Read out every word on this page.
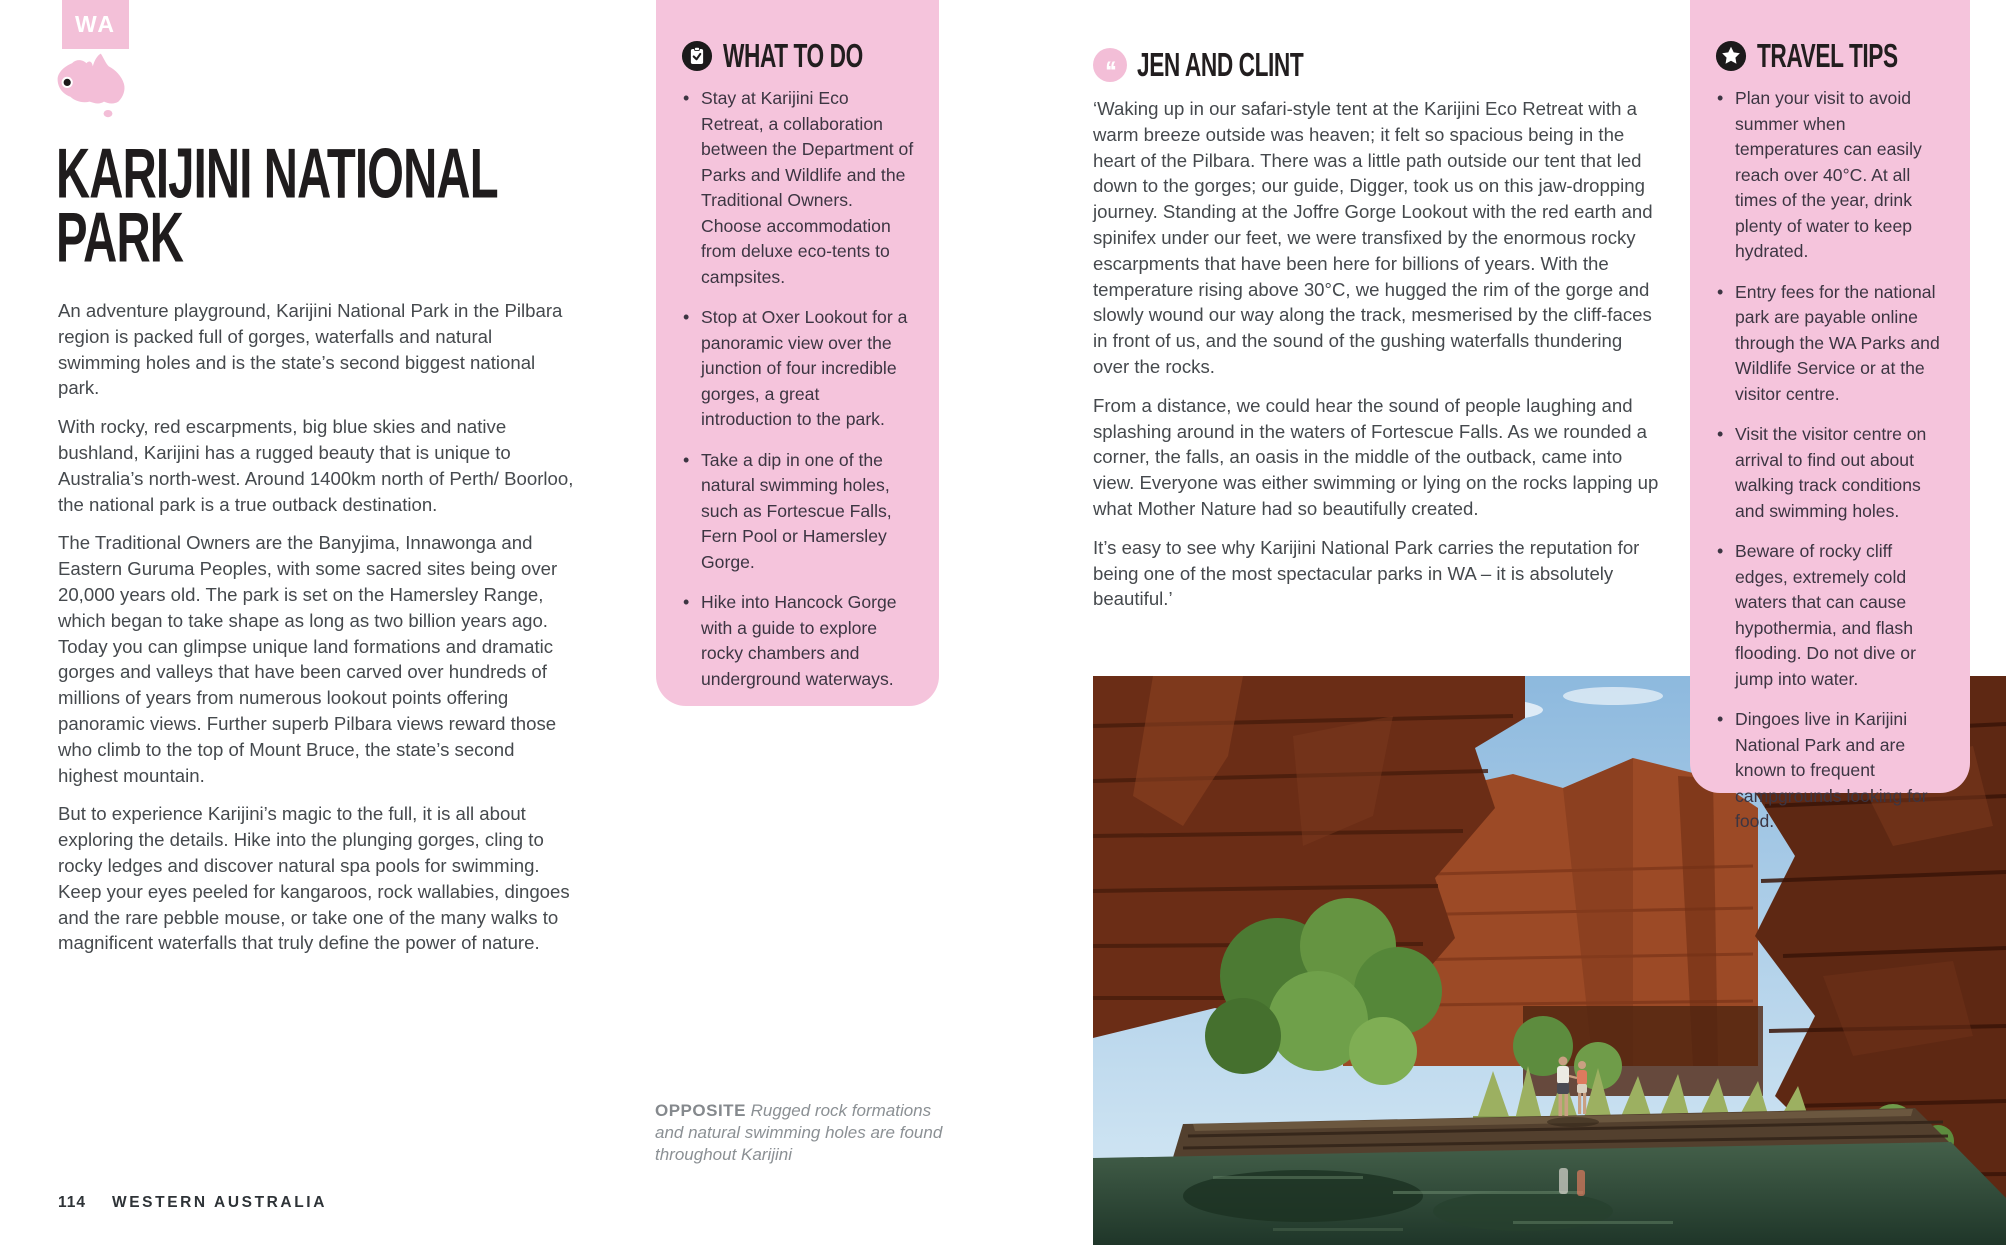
WA
KARIJINI NATIONAL
PARK

An adventure playground, Karijini National Park in the Pilbara region is packed full of gorges, waterfalls and natural swimming holes and is the state’s second biggest national park.

With rocky, red escarpments, big blue skies and native bushland, Karijini has a rugged beauty that is unique to Australia’s north-west. Around 1400km north of Perth/ Boorloo, the national park is a true outback destination.

The Traditional Owners are the Banyjima, Innawonga and Eastern Guruma Peoples, with some sacred sites being over 20,000 years old. The park is set on the Hamersley Range, which began to take shape as long as two billion years ago. Today you can glimpse unique land formations and dramatic gorges and valleys that have been carved over hundreds of millions of years from numerous lookout points offering panoramic views. Further superb Pilbara views reward those who climb to the top of Mount Bruce, the state’s second highest mountain.

But to experience Karijini’s magic to the full, it is all about exploring the details. Hike into the plunging gorges, cling to rocky ledges and discover natural spa pools for swimming. Keep your eyes peeled for kangaroos, rock wallabies, dingoes and the rare pebble mouse, or take one of the many walks to magnificent waterfalls that truly define the power of nature.

WHAT TO DO
• Stay at Karijini Eco Retreat, a collaboration between the Department of Parks and Wildlife and the Traditional Owners. Choose accommodation from deluxe eco-tents to campsites.
• Stop at Oxer Lookout for a panoramic view over the junction of four incredible gorges, a great introduction to the park.
• Take a dip in one of the natural swimming holes, such as Fortescue Falls, Fern Pool or Hamersley Gorge.
• Hike into Hancock Gorge with a guide to explore rocky chambers and underground waterways.
‘‘ JEN AND CLINT

‘Waking up in our safari-style tent at the Karijini Eco Retreat with a warm breeze outside was heaven; it felt so spacious being in the heart of the Pilbara. There was a little path outside our tent that led down to the gorges; our guide, Digger, took us on this jaw-dropping journey. Standing at the Joffre Gorge Lookout with the red earth and spinifex under our feet, we were transfixed by the enormous rocky escarpments that have been here for billions of years. With the temperature rising above 30°C, we hugged the rim of the gorge and slowly wound our way along the track, mesmerised by the cliff-faces in front of us, and the sound of the gushing waterfalls thundering over the rocks.

From a distance, we could hear the sound of people laughing and splashing around in the waters of Fortescue Falls. As we rounded a corner, the falls, an oasis in the middle of the outback, came into view. Everyone was either swimming or lying on the rocks lapping up what Mother Nature had so beautifully created.

It’s easy to see why Karijini National Park carries the reputation for being one of the most spectacular parks in WA – it is absolutely beautiful.’

TRAVEL TIPS
• Plan your visit to avoid summer when temperatures can easily reach over 40°C. At all times of the year, drink plenty of water to keep hydrated.
• Entry fees for the national park are payable online through the WA Parks and Wildlife Service or at the visitor centre.
• Visit the visitor centre on arrival to find out about walking track conditions and swimming holes.
• Beware of rocky cliff edges, extremely cold waters that can cause hypothermia, and flash flooding. Do not dive or jump into water.
• Dingoes live in Karijini National Park and are known to frequent campgrounds looking for food.
OPPOSITE Rugged rock formations and natural swimming holes are found throughout Karijini
114 WESTERN AUSTRALIA
